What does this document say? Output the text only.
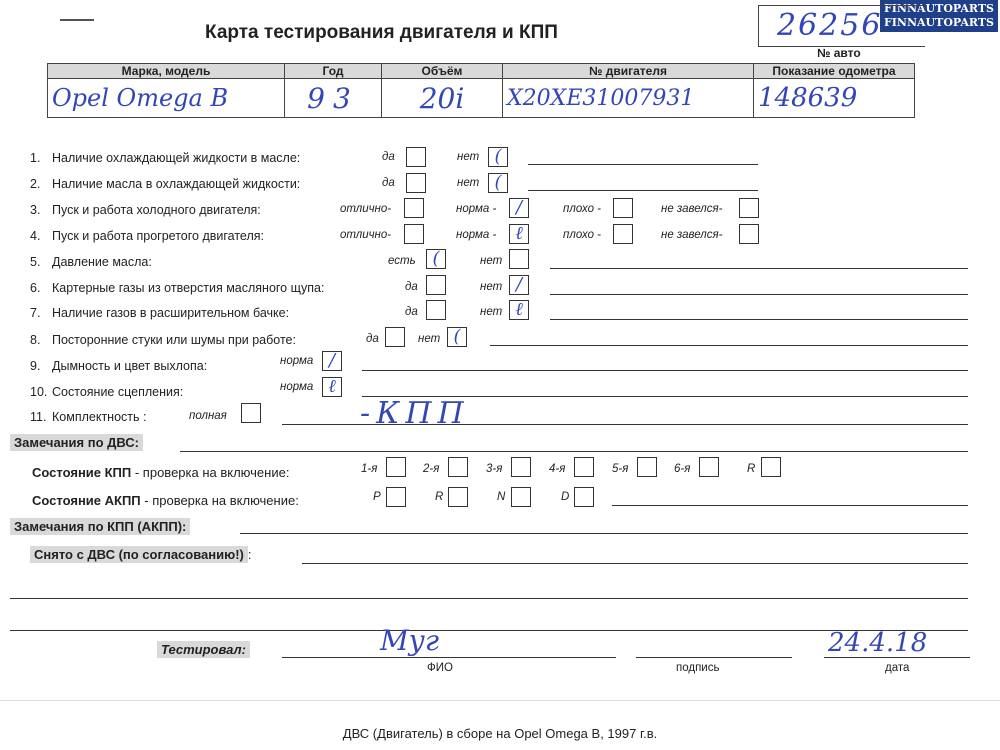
Карта тестирования двигателя и КПП
FINNAUTOPARTS
FINNAUTOPARTS
26256
№ авто
Марка, модель	Год	Объём	№ двигателя	Показание одометра
Opel Omega B	93	20i	X20XE31007931	148639
1. Наличие охлаждающей жидкости в масле:	да	нет (
2. Наличие масла в охлаждающей жидкости:	да	нет (
3. Пуск и работа холодного двигателя:	отлично-	норма -	/	плохо -	не завелся-
4. Пуск и работа прогретого двигателя:	отлично-	норма - ℓ	плохо -	не завелся-
5. Давление масла:	есть (	нет
6. Картерные газы из отверстия масляного щупа:	да	нет /
7. Наличие газов в расширительном бачке:	да	нет ℓ
8. Посторонние стуки или шумы при работе:	да	нет (
9. Дымность и цвет выхлопа:	норма /
10. Состояние сцепления:	норма ℓ
11. Комплектность :	полная	-КПП
Замечания по ДВС:
Состояние КПП - проверка на включение:	1-я	2-я	3-я	4-я	5-я	6-я	R
Состояние АКПП - проверка на включение:	P	R	N	D
Замечания по КПП (АКПП):
Снято с ДВС (по согласованию!) :
Тестировал:	Муг	24.4.18
ФИО	подпись	дата
ДВС (Двигатель) в сборе на Opel Omega B, 1997 г.в.
